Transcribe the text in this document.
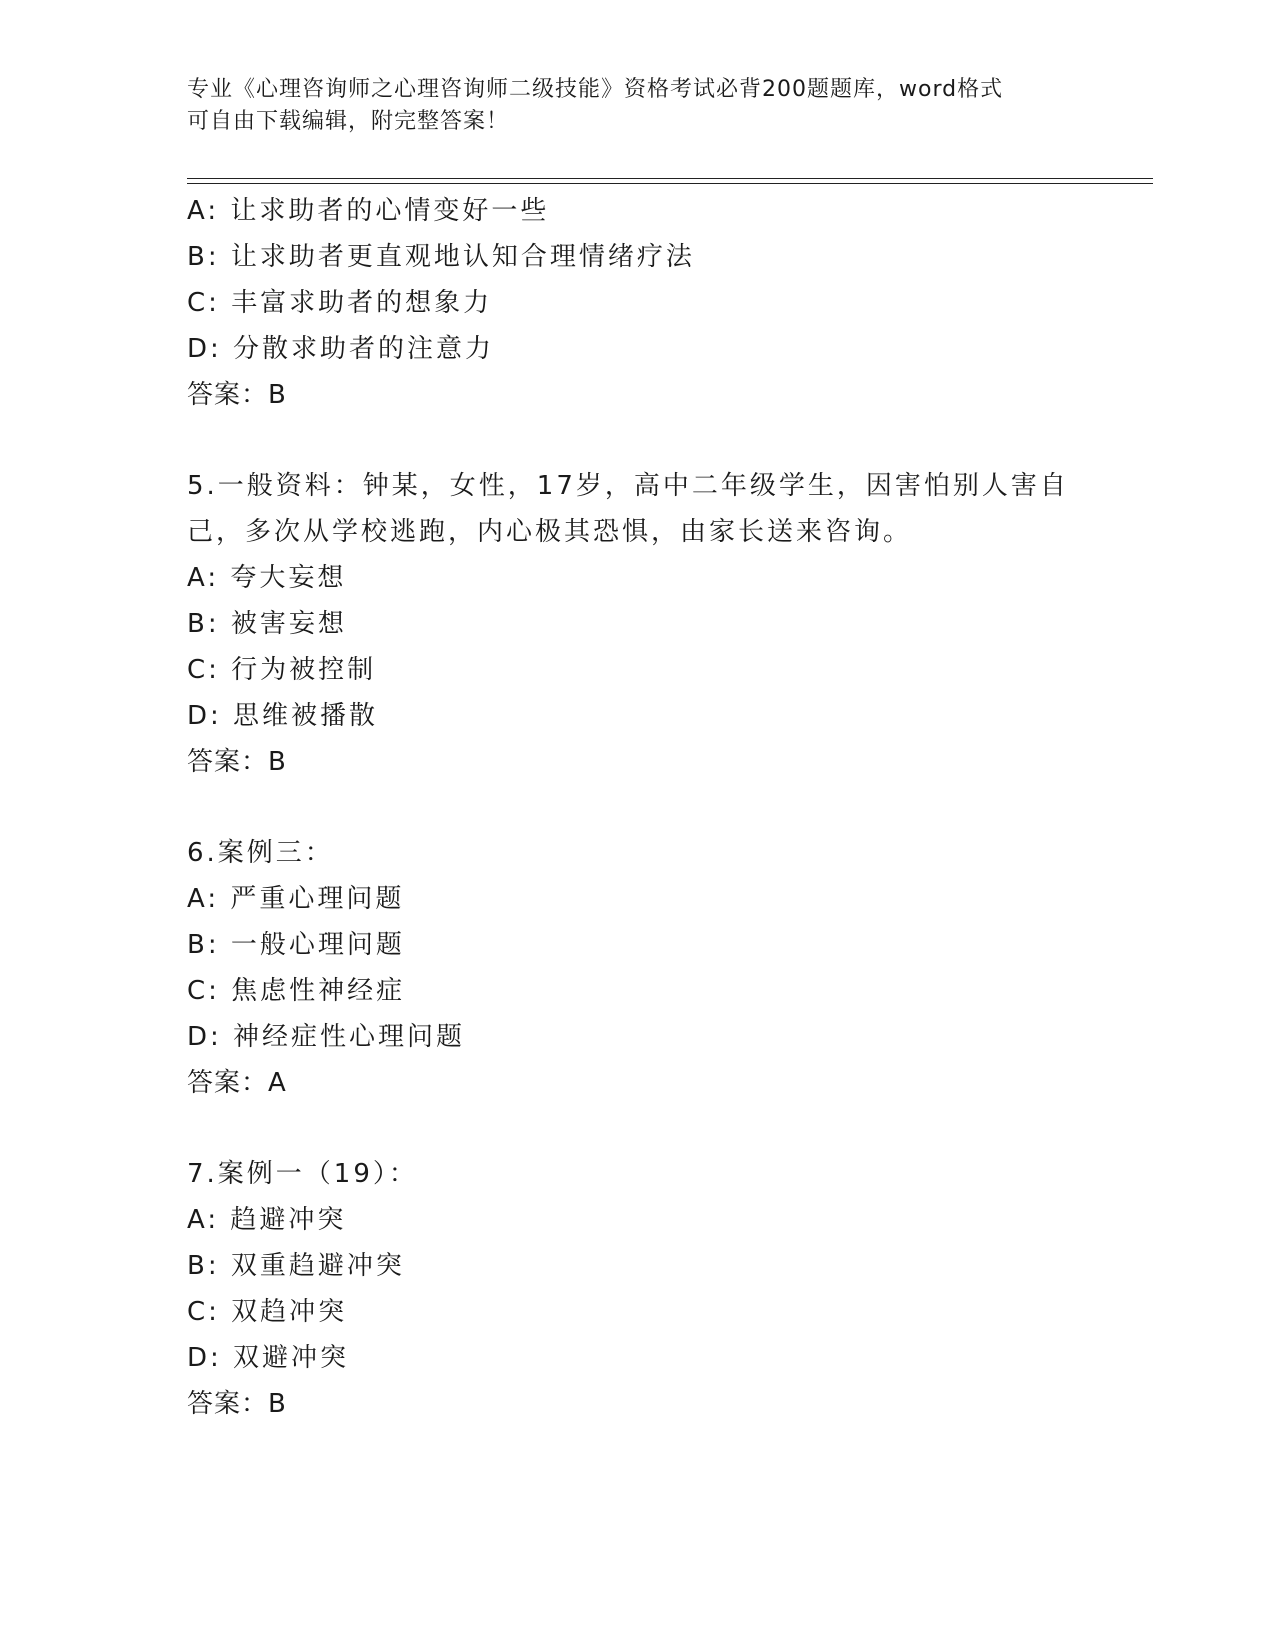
专业《心理咨询师之心理咨询师二级技能》资格考试必背200题题库，word格式
可自由下载编辑，附完整答案！
A: 让求助者的心情变好一些
B: 让求助者更直观地认知合理情绪疗法
C: 丰富求助者的想象力
D: 分散求助者的注意力
答案：B
5.一般资料：钟某，女性，17岁，高中二年级学生，因害怕别人害自
己，多次从学校逃跑，内心极其恐惧，由家长送来咨询。
A: 夸大妄想
B: 被害妄想
C: 行为被控制
D: 思维被播散
答案：B
6.案例三：
A: 严重心理问题
B: 一般心理问题
C: 焦虑性神经症
D: 神经症性心理问题
答案：A
7.案例一（19）：
A: 趋避冲突
B: 双重趋避冲突
C: 双趋冲突
D: 双避冲突
答案：B
